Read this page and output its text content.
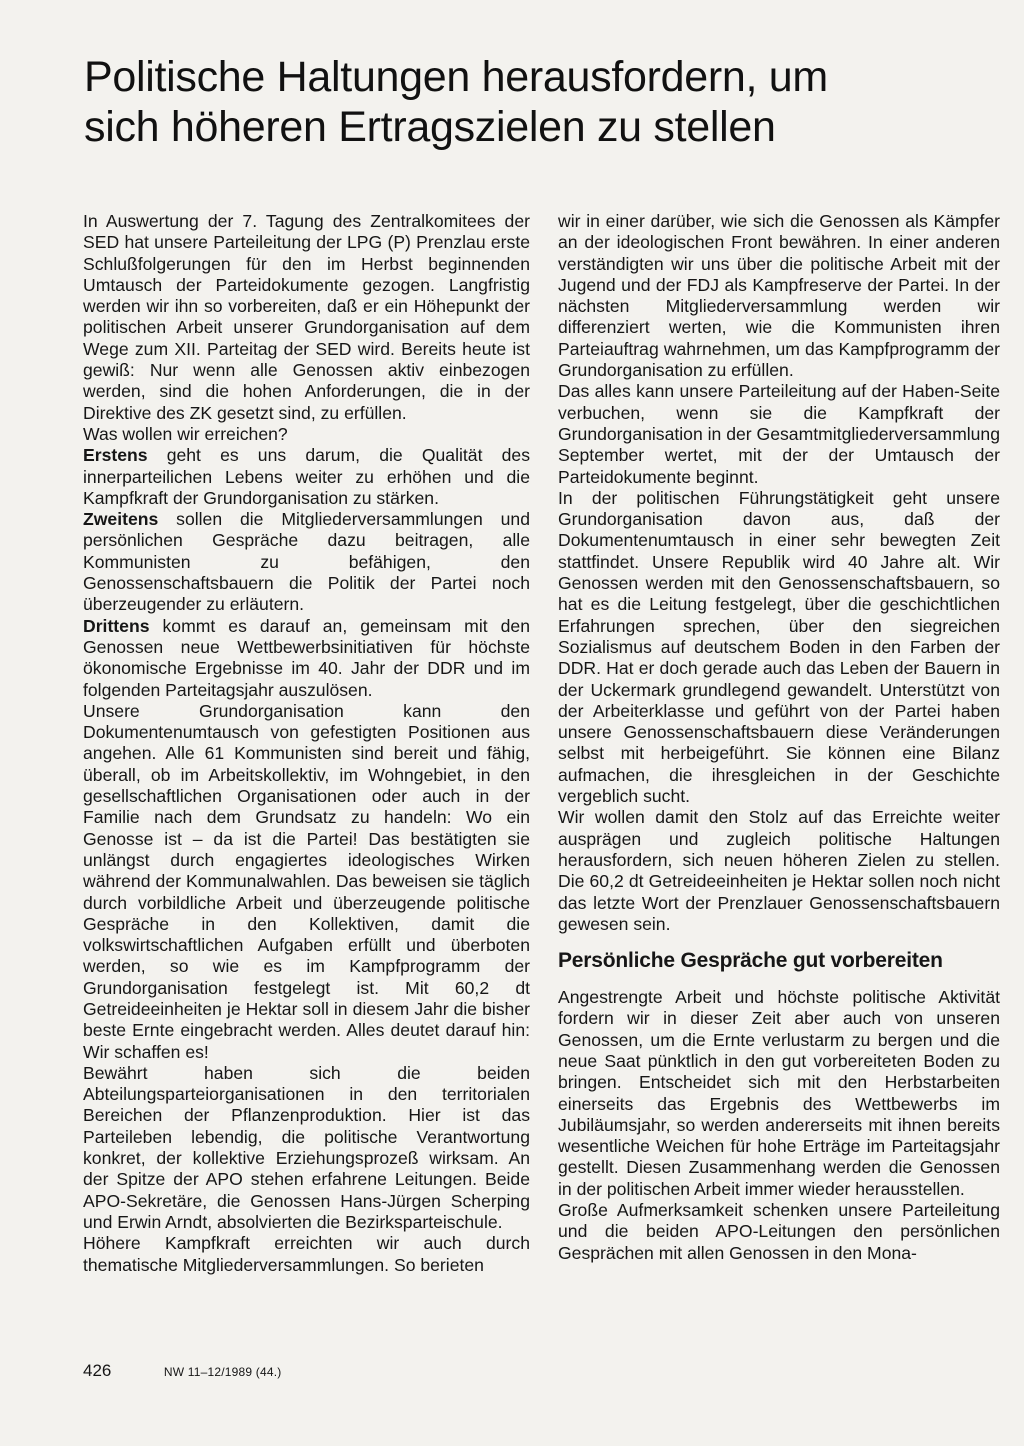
Politische Haltungen herausfordern, um
sich höheren Ertragszielen zu stellen

In Auswertung der 7. Tagung des Zentralkomitees der SED hat unsere Parteileitung der LPG (P) Prenzlau erste Schlußfolgerungen für den im Herbst beginnenden Umtausch der Parteidokumente gezogen. Langfristig werden wir ihn so vorbereiten, daß er ein Höhepunkt der politischen Arbeit unserer Grundorganisation auf dem Wege zum XII. Parteitag der SED wird. Bereits heute ist gewiß: Nur wenn alle Genossen aktiv einbezogen werden, sind die hohen Anforderungen, die in der Direktive des ZK gesetzt sind, zu erfüllen.

Was wollen wir erreichen?

Erstens geht es uns darum, die Qualität des innerparteilichen Lebens weiter zu erhöhen und die Kampfkraft der Grundorganisation zu stärken.

Zweitens sollen die Mitgliederversammlungen und persönlichen Gespräche dazu beitragen, alle Kommunisten zu befähigen, den Genossenschaftsbauern die Politik der Partei noch überzeugender zu erläutern.

Drittens kommt es darauf an, gemeinsam mit den Genossen neue Wettbewerbsinitiativen für höchste ökonomische Ergebnisse im 40. Jahr der DDR und im folgenden Parteitagsjahr auszulösen.

Unsere Grundorganisation kann den Dokumentenumtausch von gefestigten Positionen aus angehen. Alle 61 Kommunisten sind bereit und fähig, überall, ob im Arbeitskollektiv, im Wohngebiet, in den gesellschaftlichen Organisationen oder auch in der Familie nach dem Grundsatz zu handeln: Wo ein Genosse ist – da ist die Partei! Das bestätigten sie unlängst durch engagiertes ideologisches Wirken während der Kommunalwahlen. Das beweisen sie täglich durch vorbildliche Arbeit und überzeugende politische Gespräche in den Kollektiven, damit die volkswirtschaftlichen Aufgaben erfüllt und überboten werden, so wie es im Kampfprogramm der Grundorganisation festgelegt ist. Mit 60,2 dt Getreideeinheiten je Hektar soll in diesem Jahr die bisher beste Ernte eingebracht werden. Alles deutet darauf hin: Wir schaffen es!

Bewährt haben sich die beiden Abteilungsparteiorganisationen in den territorialen Bereichen der Pflanzenproduktion. Hier ist das Parteileben lebendig, die politische Verantwortung konkret, der kollektive Erziehungsprozeß wirksam. An der Spitze der APO stehen erfahrene Leitungen. Beide APO-Sekretäre, die Genossen Hans-Jürgen Scherping und Erwin Arndt, absolvierten die Bezirksparteischule.

Höhere Kampfkraft erreichten wir auch durch thematische Mitgliederversammlungen. So berieten

wir in einer darüber, wie sich die Genossen als Kämpfer an der ideologischen Front bewähren. In einer anderen verständigten wir uns über die politische Arbeit mit der Jugend und der FDJ als Kampfreserve der Partei. In der nächsten Mitgliederversammlung werden wir differenziert werten, wie die Kommunisten ihren Parteiauftrag wahrnehmen, um das Kampfprogramm der Grundorganisation zu erfüllen.

Das alles kann unsere Parteileitung auf der Haben-Seite verbuchen, wenn sie die Kampfkraft der Grundorganisation in der Gesamtmitgliederversammlung September wertet, mit der der Umtausch der Parteidokumente beginnt.

In der politischen Führungstätigkeit geht unsere Grundorganisation davon aus, daß der Dokumentenumtausch in einer sehr bewegten Zeit stattfindet. Unsere Republik wird 40 Jahre alt. Wir Genossen werden mit den Genossenschaftsbauern, so hat es die Leitung festgelegt, über die geschichtlichen Erfahrungen sprechen, über den siegreichen Sozialismus auf deutschem Boden in den Farben der DDR. Hat er doch gerade auch das Leben der Bauern in der Uckermark grundlegend gewandelt. Unterstützt von der Arbeiterklasse und geführt von der Partei haben unsere Genossenschaftsbauern diese Veränderungen selbst mit herbeigeführt. Sie können eine Bilanz aufmachen, die ihresgleichen in der Geschichte vergeblich sucht.

Wir wollen damit den Stolz auf das Erreichte weiter ausprägen und zugleich politische Haltungen herausfordern, sich neuen höheren Zielen zu stellen. Die 60,2 dt Getreideeinheiten je Hektar sollen noch nicht das letzte Wort der Prenzlauer Genossenschaftsbauern gewesen sein.

Persönliche Gespräche gut vorbereiten

Angestrengte Arbeit und höchste politische Aktivität fordern wir in dieser Zeit aber auch von unseren Genossen, um die Ernte verlustarm zu bergen und die neue Saat pünktlich in den gut vorbereiteten Boden zu bringen. Entscheidet sich mit den Herbstarbeiten einerseits das Ergebnis des Wettbewerbs im Jubiläumsjahr, so werden andererseits mit ihnen bereits wesentliche Weichen für hohe Erträge im Parteitagsjahr gestellt. Diesen Zusammenhang werden die Genossen in der politischen Arbeit immer wieder herausstellen.

Große Aufmerksamkeit schenken unsere Parteileitung und die beiden APO-Leitungen den persönlichen Gesprächen mit allen Genossen in den Mona-

426	NW 11–12/1989 (44.)
